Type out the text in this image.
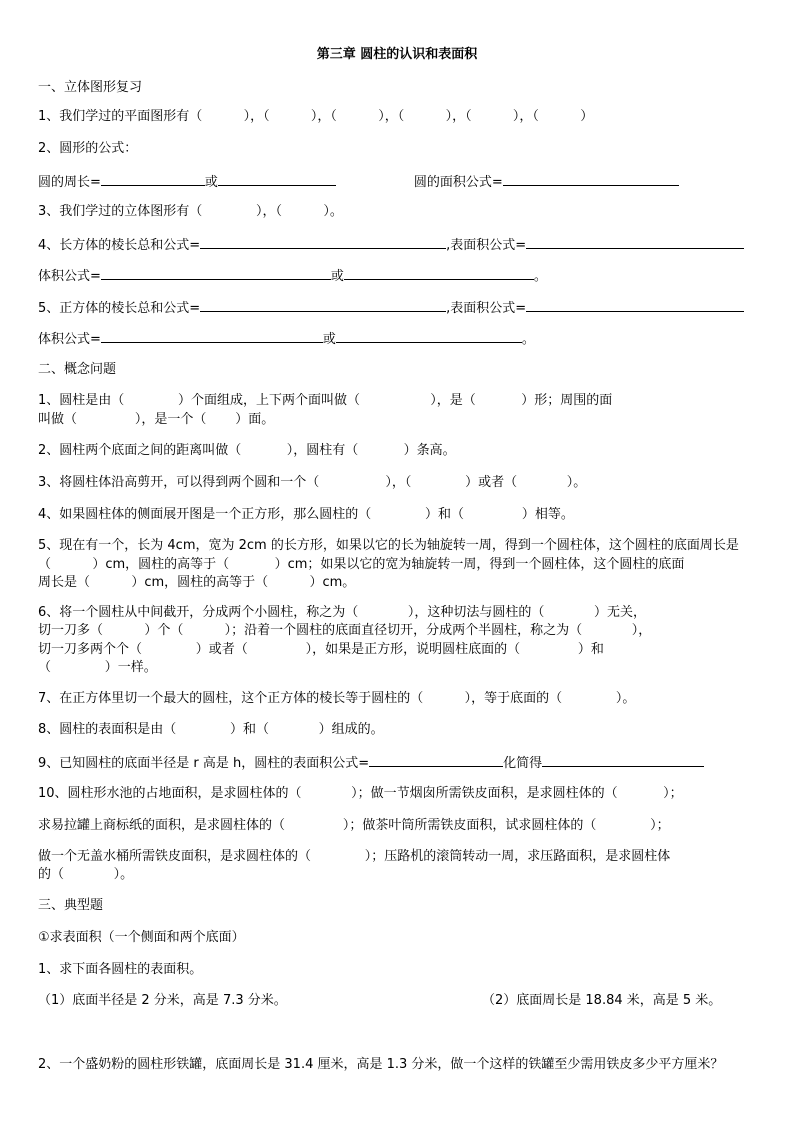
第三章 圆柱的认识和表面积
一、立体图形复习
1、我们学过的平面图形有（          ），（          ），（          ），（          ），（          ），（          ）
2、圆形的公式：
圆的周长=	或	圆的面积公式=
3、我们学过的立体图形有（             ），（          ）。
4、长方体的棱长总和公式=	,表面积公式=
体积公式=	或	。
5、正方体的棱长总和公式=	,表面积公式=
体积公式=	或	。
二、概念问题
1、圆柱是由（             ）个面组成，上下两个面叫做（                 ），是（           ）形；周围的面
叫做（              ），是一个（       ）面。
2、圆柱两个底面之间的距离叫做（           ），圆柱有（           ）条高。
3、将圆柱体沿高剪开，可以得到两个圆和一个（                ），（             ）或者（            ）。
4、如果圆柱体的侧面展开图是一个正方形，那么圆柱的（             ）和（              ）相等。
5、现在有一个，长为 4cm，宽为 2cm 的长方形，如果以它的长为轴旋转一周，得到一个圆柱体，这个圆柱的底面周长是
（          ）cm，圆柱的高等于（           ）cm；如果以它的宽为轴旋转一周，得到一个圆柱体，这个圆柱的底面
周长是（          ）cm，圆柱的高等于（          ）cm。
6、将一个圆柱从中间截开，分成两个小圆柱，称之为（            ），这种切法与圆柱的（            ）无关，
切一刀多（          ）个（          ）；沿着一个圆柱的底面直径切开，分成两个半圆柱，称之为（            ），
切一刀多两个个（             ）或者（              ），如果是正方形，说明圆柱底面的（              ）和
（             ）一样。
7、在正方体里切一个最大的圆柱，这个正方体的棱长等于圆柱的（          ），等于底面的（             ）。
8、圆柱的表面积是由（             ）和（            ）组成的。
9、已知圆柱的底面半径是 r 高是 h，圆柱的表面积公式=	化简得
10、圆柱形水池的占地面积，是求圆柱体的（            ）；做一节烟囱所需铁皮面积，是求圆柱体的（           ）；
求易拉罐上商标纸的面积，是求圆柱体的（              ）；做茶叶筒所需铁皮面积，试求圆柱体的（             ）；
做一个无盖水桶所需铁皮面积，是求圆柱体的（             ）；压路机的滚筒转动一周，求压路面积，是求圆柱体
的（            ）。
三、典型题
①求表面积（一个侧面和两个底面）
1、求下面各圆柱的表面积。
（1）底面半径是 2 分米，高是 7.3 分米。	（2）底面周长是 18.84 米，高是 5 米。
2、一个盛奶粉的圆柱形铁罐，底面周长是 31.4 厘米，高是 1.3 分米，做一个这样的铁罐至少需用铁皮多少平方厘米？
